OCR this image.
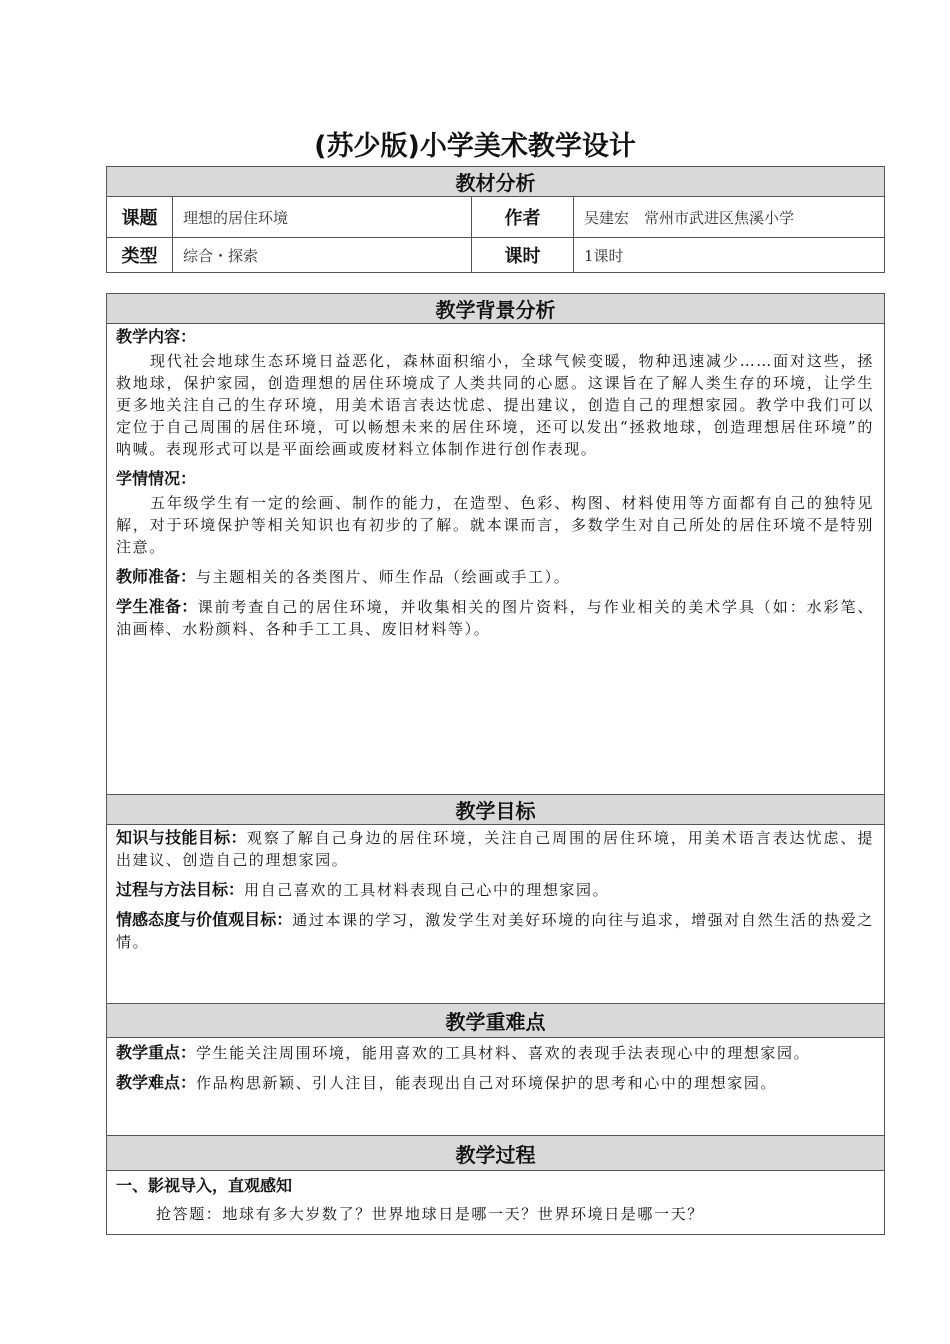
(苏少版)小学美术教学设计
教材分析			
课题	理想的居住环境	作者	吴建宏　常州市武进区焦溪小学
类型	综合・探索	课时	1课时
教学背景分析

教学内容：

现代社会地球生态环境日益恶化，森林面积缩小，全球气候变暖，物种迅速减少……面对这些，拯救地球，保护家园，创造理想的居住环境成了人类共同的心愿。这课旨在了解人类生存的环境，让学生更多地关注自己的生存环境，用美术语言表达忧虑、提出建议，创造自己的理想家园。教学中我们可以定位于自己周围的居住环境，可以畅想未来的居住环境，还可以发出“拯救地球，创造理想居住环境”的呐喊。表现形式可以是平面绘画或废材料立体制作进行创作表现。

学情情况：

五年级学生有一定的绘画、制作的能力，在造型、色彩、构图、材料使用等方面都有自己的独特见解，对于环境保护等相关知识也有初步的了解。就本课而言，多数学生对自己所处的居住环境不是特别注意。

教师准备：与主题相关的各类图片、师生作品（绘画或手工）。

学生准备：课前考查自己的居住环境，并收集相关的图片资料，与作业相关的美术学具（如：水彩笔、油画棒、水粉颜料、各种手工工具、废旧材料等）。

教学目标

知识与技能目标：观察了解自己身边的居住环境，关注自己周围的居住环境，用美术语言表达忧虑、提出建议、创造自己的理想家园。

过程与方法目标：用自己喜欢的工具材料表现自己心中的理想家园。

情感态度与价值观目标：通过本课的学习，激发学生对美好环境的向往与追求，增强对自然生活的热爱之情。

教学重难点

教学重点：学生能关注周围环境，能用喜欢的工具材料、喜欢的表现手法表现心中的理想家园。

教学难点：作品构思新颖、引人注目，能表现出自己对环境保护的思考和心中的理想家园。

教学过程

一、影视导入，直观感知

抢答题：地球有多大岁数了？世界地球日是哪一天？世界环境日是哪一天？
